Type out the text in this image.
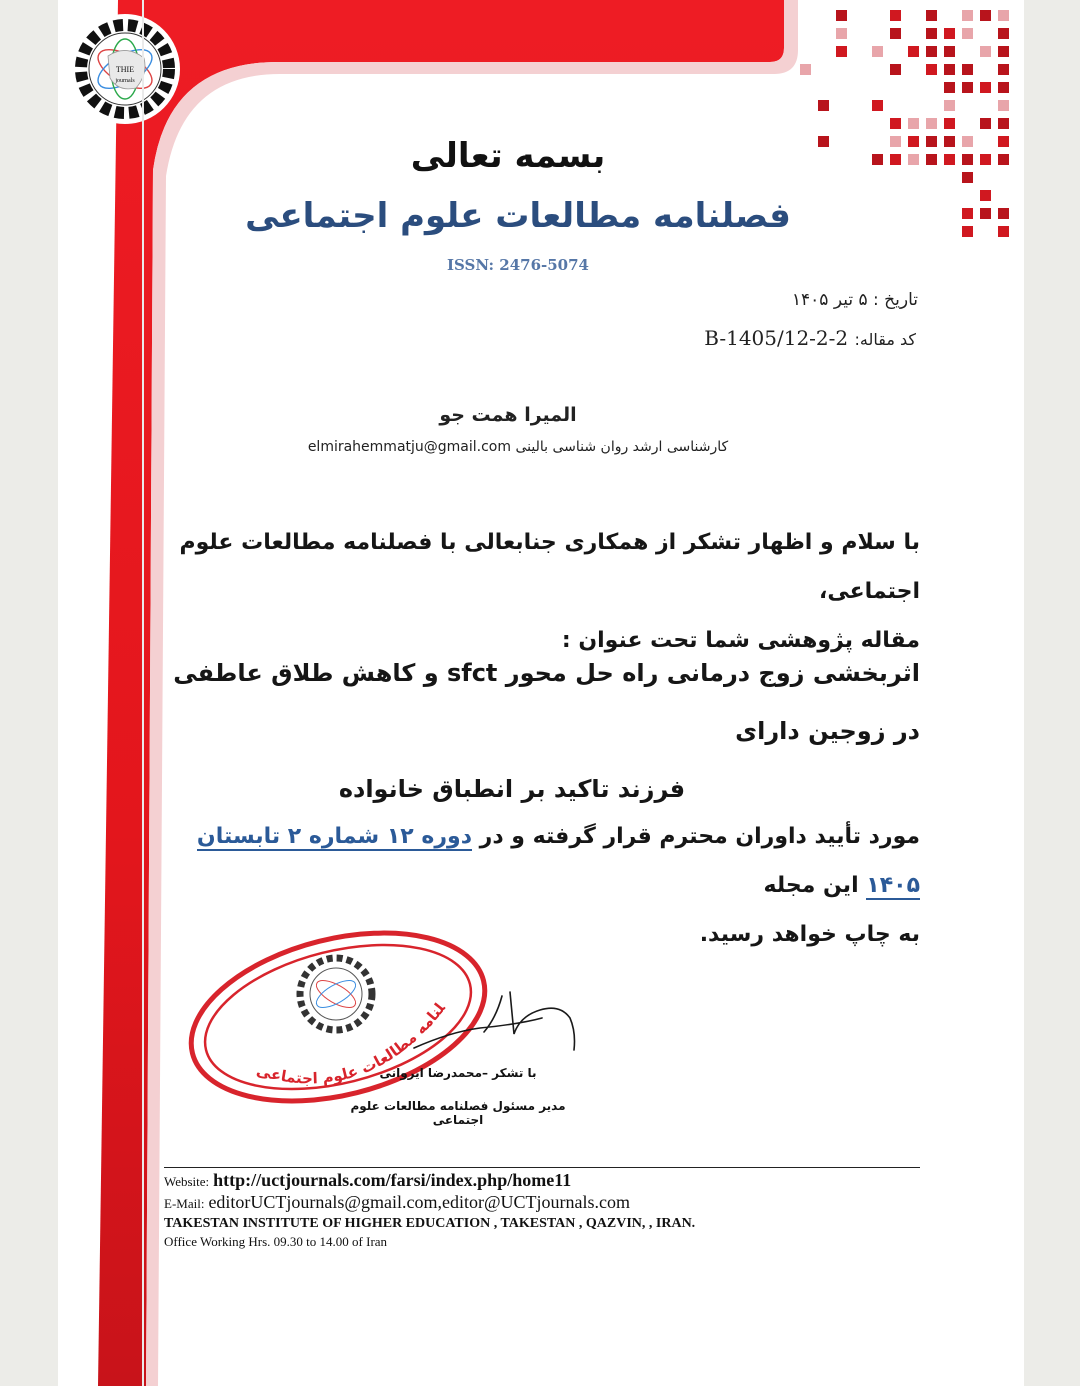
THIE
journals
بسمه تعالی
فصلنامه مطالعات علوم اجتماعی
ISSN: 2476-5074
تاریخ : ۵ تیر ۱۴۰۵
کد مقاله: B-1405/12-2-2
المیرا همت جو
کارشناسی ارشد روان شناسی بالینی elmirahemmatju@gmail.com
با سلام و اظهار تشکر از همکاری جنابعالی با فصلنامه مطالعات علوم اجتماعی،
مقاله پژوهشی شما تحت عنوان :
اثربخشی زوج درمانی راه حل محور sfct و کاهش طلاق عاطفی در زوجین دارای
فرزند تاکید بر انطباق خانواده
مورد تأیید داوران محترم قرار گرفته و در دوره ۱۲ شماره ۲ تابستان ۱۴۰۵ این مجله
به چاپ خواهد رسید.
فصلنامه مطالعات علوم اجتماعی	با تشکر –محمدرضا ایروانی
مدیر مسئول فصلنامه مطالعات علوم اجتماعی
Website: http://uctjournals.com/farsi/index.php/home11
E-Mail: editorUCTjournals@gmail.com,editor@UCTjournals.com
TAKESTAN INSTITUTE OF HIGHER EDUCATION , TAKESTAN , QAZVIN, , IRAN.
Office Working Hrs. 09.30 to 14.00 of Iran
